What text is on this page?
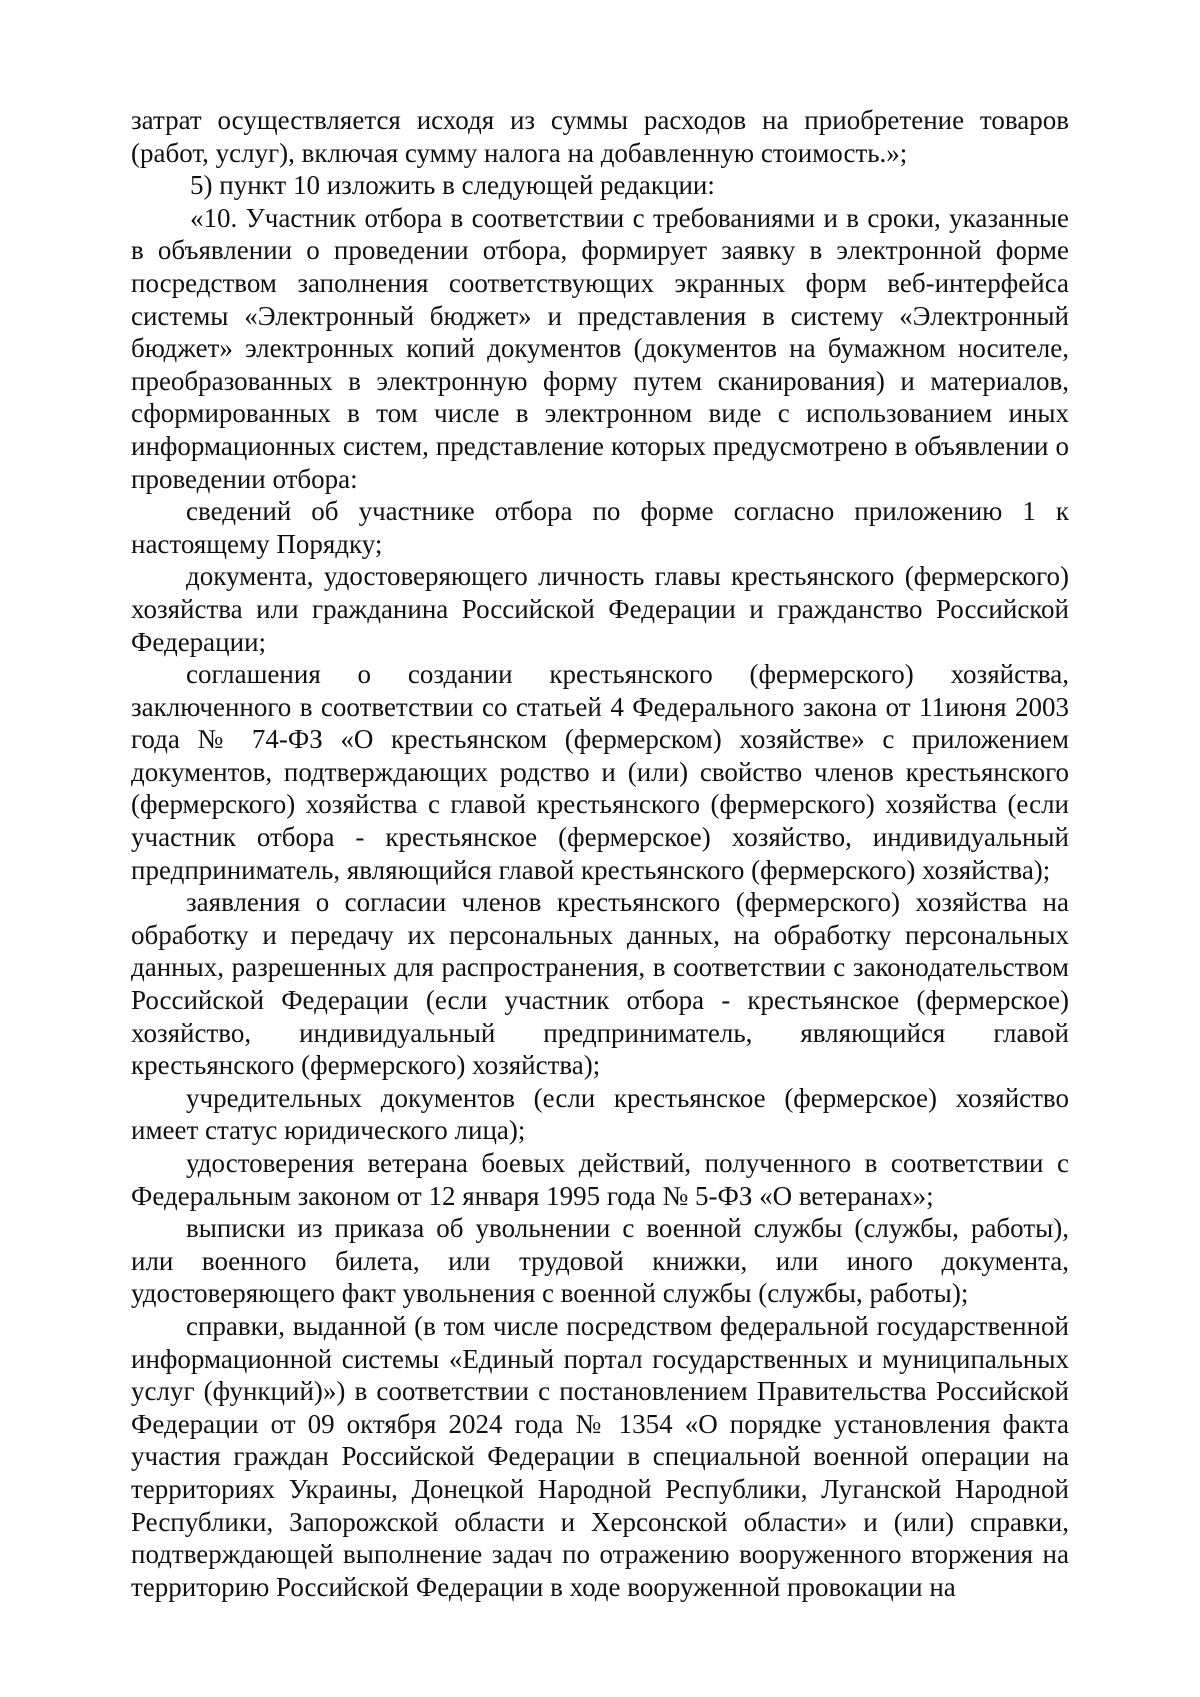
затрат осуществляется исходя из суммы расходов на приобретение товаров (работ, услуг), включая сумму налога на добавленную стоимость.»;

5) пункт 10 изложить в следующей редакции:

«10. Участник отбора в соответствии с требованиями и в сроки, указанные в объявлении о проведении отбора, формирует заявку в электронной форме посредством заполнения соответствующих экранных форм веб-интерфейса системы «Электронный бюджет» и представления в систему «Электронный бюджет» электронных копий документов (документов на бумажном носителе, преобразованных в электронную форму путем сканирования) и материалов, сформированных в том числе в электронном виде с использованием иных информационных систем, представление которых предусмотрено в объявлении о проведении отбора:

сведений об участнике отбора по форме согласно приложению 1 к настоящему Порядку;

документа, удостоверяющего личность главы крестьянского (фермерского) хозяйства или гражданина Российской Федерации и гражданство Российской Федерации;

соглашения о создании крестьянского (фермерского) хозяйства, заключенного в соответствии со статьей 4 Федерального закона от 11июня 2003 года № 74-ФЗ «О крестьянском (фермерском) хозяйстве» с приложением документов, подтверждающих родство и (или) свойство членов крестьянского (фермерского) хозяйства с главой крестьянского (фермерского) хозяйства (если участник отбора - крестьянское (фермерское) хозяйство, индивидуальный предприниматель, являющийся главой крестьянского (фермерского) хозяйства);

заявления о согласии членов крестьянского (фермерского) хозяйства на обработку и передачу их персональных данных, на обработку персональных данных, разрешенных для распространения, в соответствии с законодательством Российской Федерации (если участник отбора - крестьянское (фермерское) хозяйство, индивидуальный предприниматель, являющийся главой крестьянского (фермерского) хозяйства);

учредительных документов (если крестьянское (фермерское) хозяйство имеет статус юридического лица);

удостоверения ветерана боевых действий, полученного в соответствии с Федеральным законом от 12 января 1995 года № 5-ФЗ «О ветеранах»;

выписки из приказа об увольнении с военной службы (службы, работы), или военного билета, или трудовой книжки, или иного документа, удостоверяющего факт увольнения с военной службы (службы, работы);

справки, выданной (в том числе посредством федеральной государственной информационной системы «Единый портал государственных и муниципальных услуг (функций)») в соответствии с постановлением Правительства Российской Федерации от 09 октября 2024 года № 1354 «О порядке установления факта участия граждан Российской Федерации в специальной военной операции на территориях Украины, Донецкой Народной Республики, Луганской Народной Республики, Запорожской области и Херсонской области» и (или) справки, подтверждающей выполнение задач по отражению вооруженного вторжения на территорию Российской Федерации в ходе вооруженной провокации на
